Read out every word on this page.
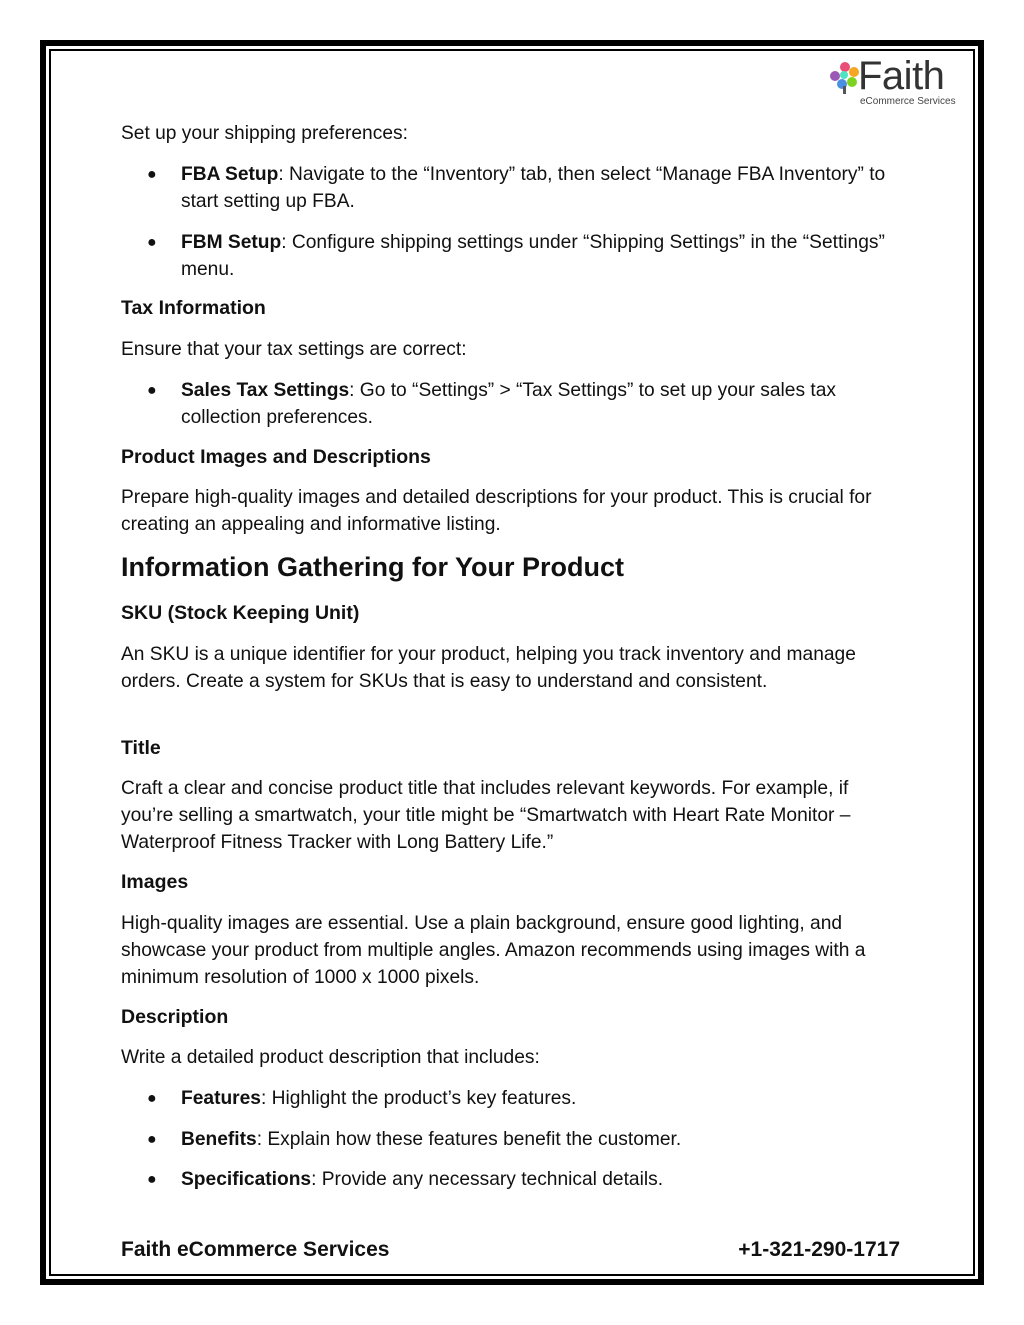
Faith
eCommerce Services

Set up your shipping preferences:

● FBA Setup: Navigate to the “Inventory” tab, then select “Manage FBA Inventory” to start setting up FBA.

● FBM Setup: Configure shipping settings under “Shipping Settings” in the “Settings” menu.

Tax Information

Ensure that your tax settings are correct:

● Sales Tax Settings: Go to “Settings” > “Tax Settings” to set up your sales tax collection preferences.

Product Images and Descriptions

Prepare high-quality images and detailed descriptions for your product. This is crucial for creating an appealing and informative listing.

Information Gathering for Your Product

SKU (Stock Keeping Unit)

An SKU is a unique identifier for your product, helping you track inventory and manage orders. Create a system for SKUs that is easy to understand and consistent.

Title

Craft a clear and concise product title that includes relevant keywords. For example, if you’re selling a smartwatch, your title might be “Smartwatch with Heart Rate Monitor – Waterproof Fitness Tracker with Long Battery Life.”

Images

High-quality images are essential. Use a plain background, ensure good lighting, and showcase your product from multiple angles. Amazon recommends using images with a minimum resolution of 1000 x 1000 pixels.

Description

Write a detailed product description that includes:

● Features: Highlight the product’s key features.

● Benefits: Explain how these features benefit the customer.

● Specifications: Provide any necessary technical details.

Faith eCommerce Services	+1-321-290-1717
